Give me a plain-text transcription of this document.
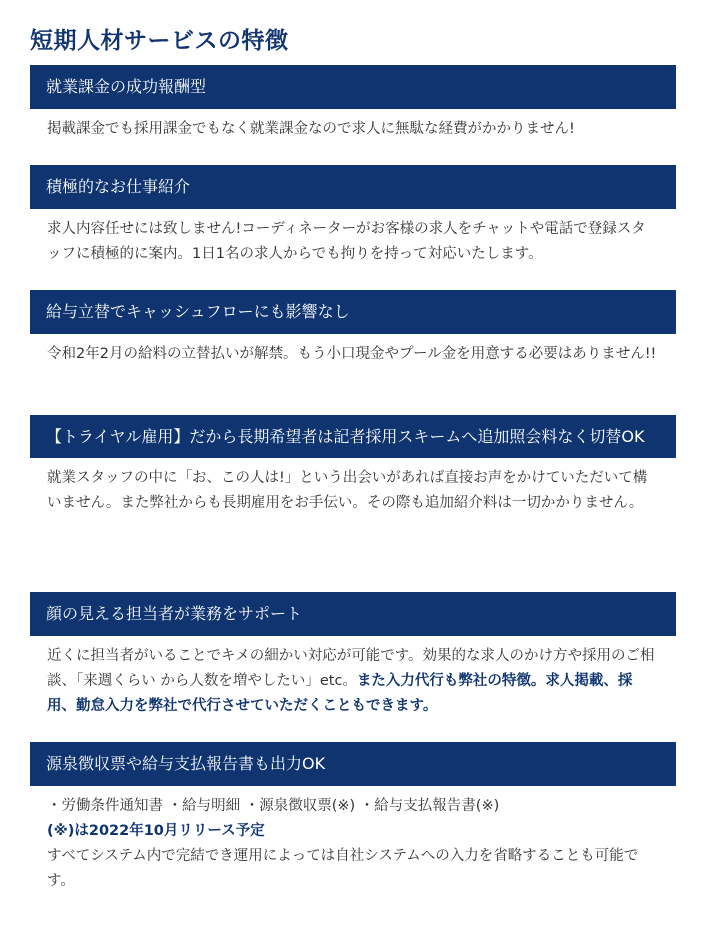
短期人材サービスの特徴
就業課金の成功報酬型
掲載課金でも採用課金でもなく就業課金なので求人に無駄な経費がかかりません!
積極的なお仕事紹介
求人内容任せには致しません!コーディネーターがお客様の求人をチャットや電話で登録スタッフに積極的に案内。1日1名の求人からでも拘りを持って対応いたします。
給与立替でキャッシュフローにも影響なし
令和2年2月の給料の立替払いが解禁。もう小口現金やプール金を用意する必要はありません!!
【トライヤル雇用】だから長期希望者は記者採用スキームへ追加照会料なく切替OK
就業スタッフの中に「お、この人は!」という出会いがあれば直接お声をかけていただいて構いません。また弊社からも長期雇用をお手伝い。その際も追加紹介料は一切かかりません。
顔の見える担当者が業務をサポート
近くに担当者がいることでキメの細かい対応が可能です。効果的な求人のかけ方や採用のご相談、「来週くらい から人数を増やしたい」etc。また入力代行も弊社の特徴。求人掲載、採用、勤怠入力を弊社で代行させていただくこともできます。
源泉徴収票や給与支払報告書も出力OK
・労働条件通知書 ・給与明細 ・源泉徴収票(※) ・給与支払報告書(※)
(※)は2022年10月リリース予定
すべてシステム内で完結でき運用によっては自社システムへの入力を省略することも可能です。
